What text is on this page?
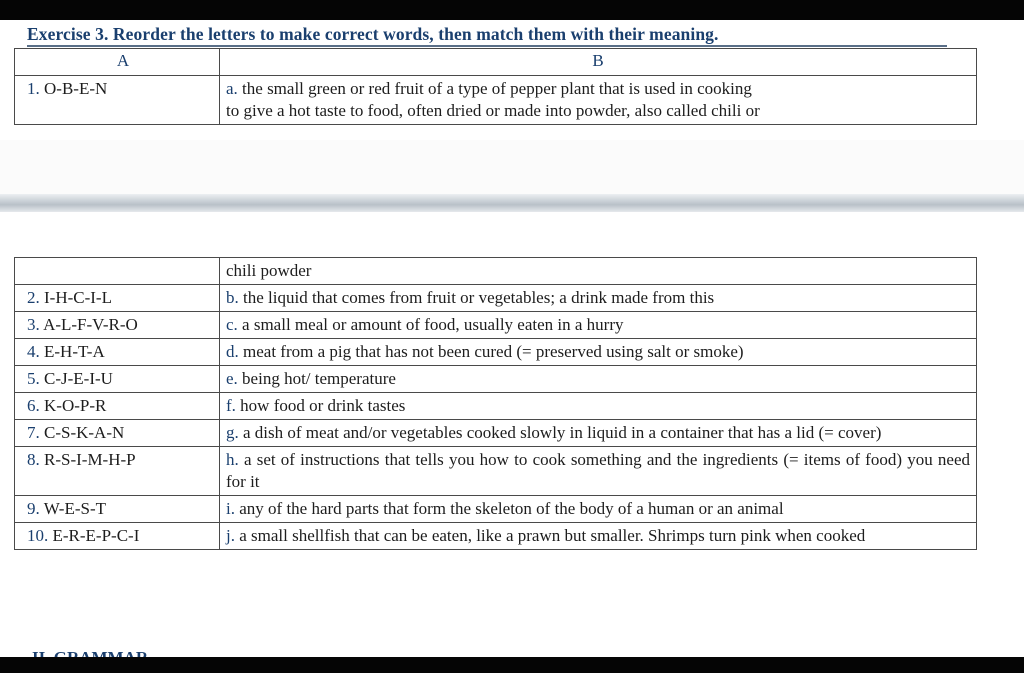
Exercise 3. Reorder the letters to make correct words, then match them with their meaning.
A	B
1. O-B-E-N	a. the small green or red fruit of a type of pepper plant that is used in cooking
to give a hot taste to food, often dried or made into powder, also called chili or
	chili powder
2. I-H-C-I-L	b. the liquid that comes from fruit or vegetables; a drink made from this
3. A-L-F-V-R-O	c. a small meal or amount of food, usually eaten in a hurry
4. E-H-T-A	d. meat from a pig that has not been cured (= preserved using salt or smoke)
5. C-J-E-I-U	e. being hot/ temperature
6. K-O-P-R	f. how food or drink tastes
7. C-S-K-A-N	g. a dish of meat and/or vegetables cooked slowly in liquid in a container that has a lid (= cover)
8. R-S-I-M-H-P	h. a set of instructions that tells you how to cook something and the ingredients (= items of food) you need for it
9. W-E-S-T	i. any of the hard parts that form the skeleton of the body of a human or an animal
10. E-R-E-P-C-I	j. a small shellfish that can be eaten, like a prawn but smaller. Shrimps turn pink when cooked
